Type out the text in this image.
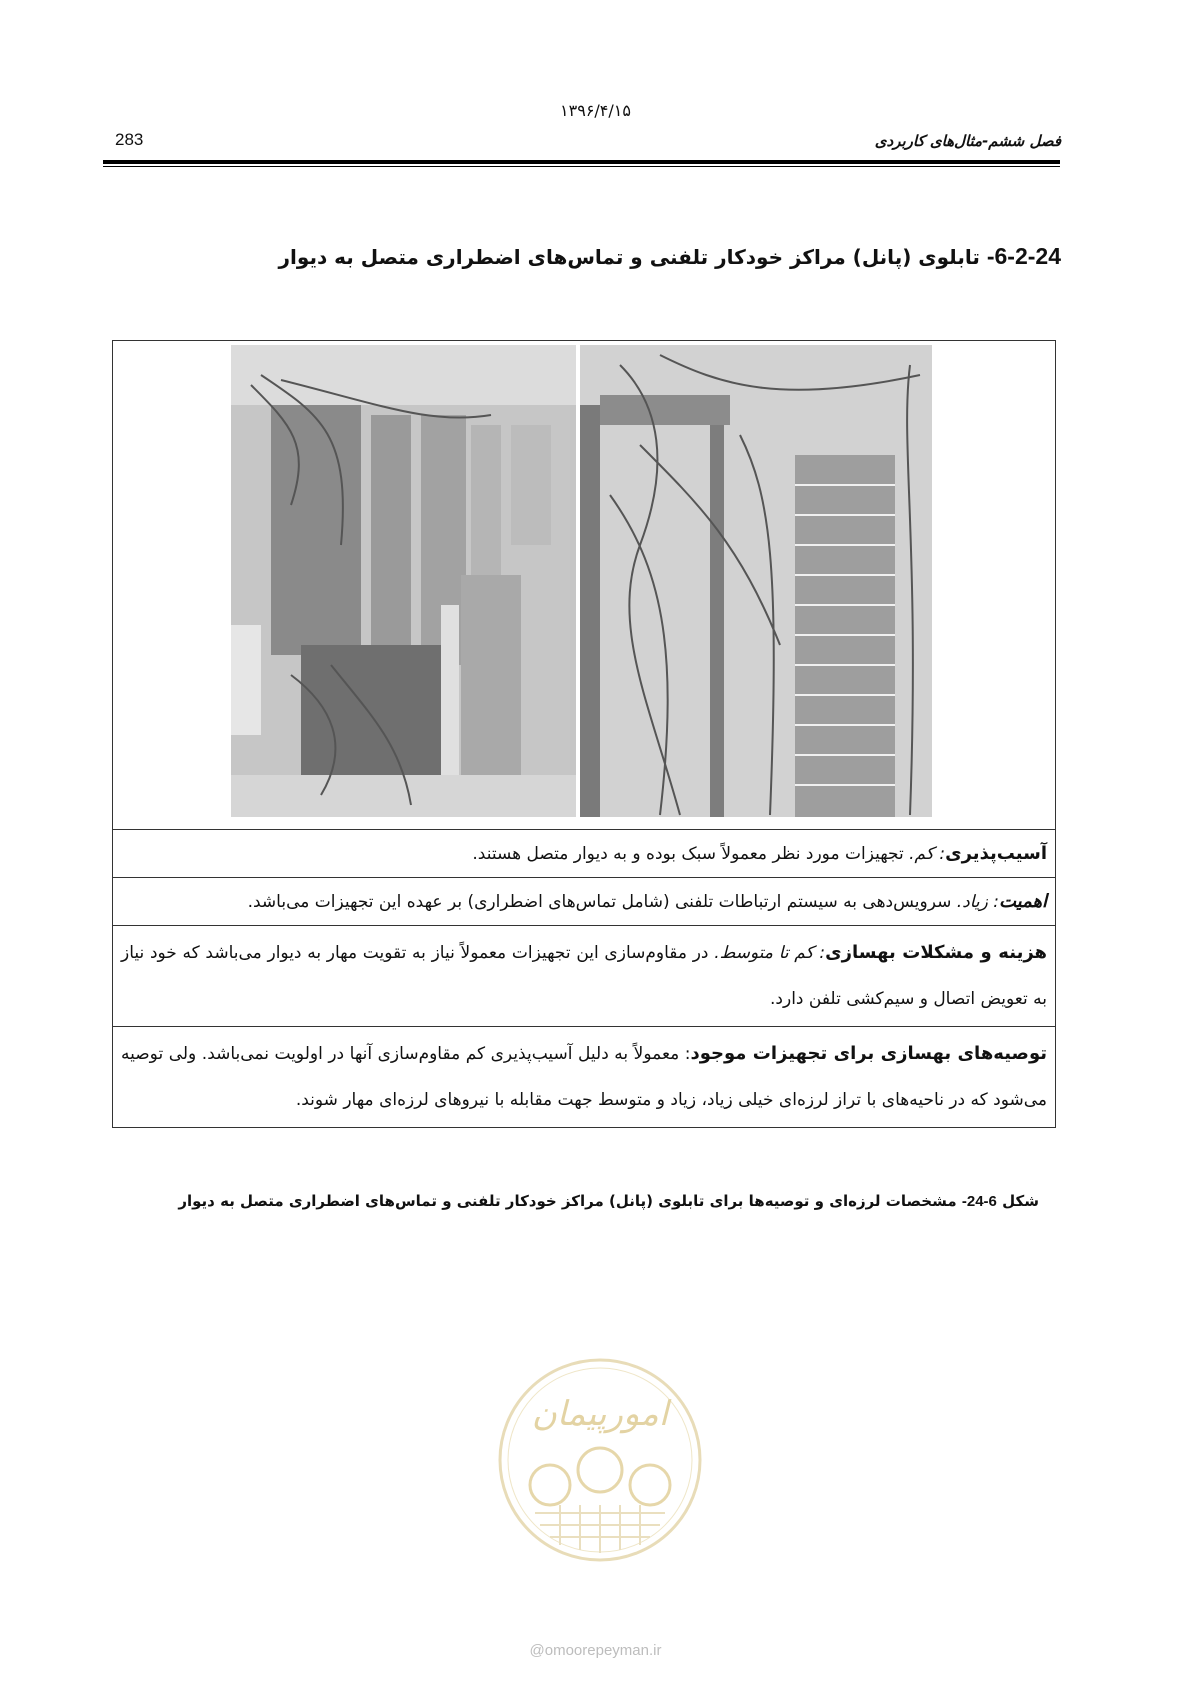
۱۳۹۶/۴/۱۵
283	فصل ششم-مثال‌های کاربردی
6-2-24- تابلوی (پانل) مراکز خودکار تلفنی و تماس‌های اضطراری متصل به دیوار
آسیب‌پذیری: کم. تجهیزات مورد نظر معمولاً سبک بوده و به دیوار متصل هستند.
اهمیت: زیاد. سرویس‌دهی به سیستم ارتباطات تلفنی (شامل تماس‌های اضطراری) بر عهده این تجهیزات می‌باشد.
هزینه و مشکلات بهسازی: کم تا متوسط. در مقاوم‌سازی این تجهیزات معمولاً نیاز به تقویت مهار به دیوار می‌باشد که خود نیاز به تعویض اتصال و سیم‌کشی تلفن دارد.
توصیه‌های بهسازی برای تجهیزات موجود: معمولاً به دلیل آسیب‌پذیری کم مقاوم‌سازی آنها در اولویت نمی‌باشد. ولی توصیه می‌شود که در ناحیه‌های با تراز لرزه‌ای خیلی زیاد، زیاد و متوسط جهت مقابله با نیروهای لرزه‌ای مهار شوند.
شکل 6-24- مشخصات لرزه‌ای و توصیه‌ها برای تابلوی (پانل) مراکز خودکار تلفنی و تماس‌های اضطراری متصل به دیوار
امورپیمان
@omoorepeyman.ir
